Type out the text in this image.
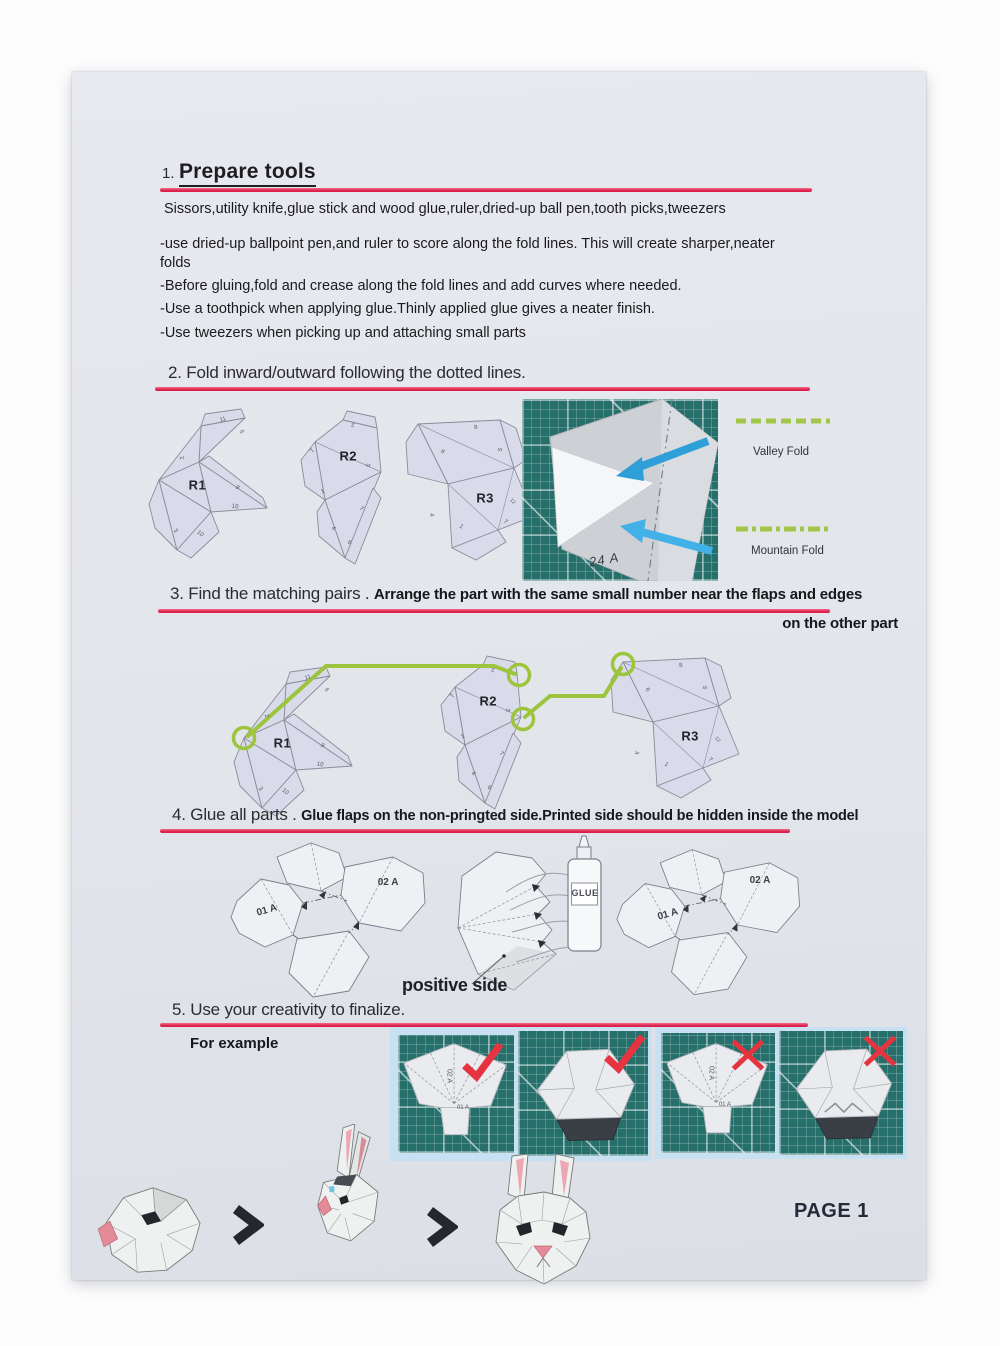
1. Prepare tools
Sissors,utility knife,glue stick and wood glue,ruler,dried-up ball pen,tooth picks,tweezers
-use dried-up ballpoint pen,and ruler to score along the fold lines. This will create sharper,neater folds
-Before gluing,fold and crease along the fold lines and add curves where needed.
-Use a toothpick when applying glue.Thinly applied glue gives a neater finish.
-Use tweezers when picking up and attaching small parts
2. Fold inward/outward following the dotted lines.
R1
11
5
2
9
10
3	10
R2
2
7
3
1
7
4
6
R3
8
6	5
12
7
1
4
24 A
Valley Fold
Mountain Fold
3. Find the matching pairs . Arrange the part with the same small number near the flaps and edges
on the other part
R1
11
5
2
9
10
3	10
R2
2
7
3
1
7
4
6
R3
8
6	5
12
7
1
4
4. Glue all parts . Glue flaps on the non-pringted side.Printed side should be hidden inside the model
02 A
01 A
GLUE
positive side
02 A
01 A
5. Use your creativity to finalize.
For example
02 A
01 A
02 A
01 A
PAGE 1
